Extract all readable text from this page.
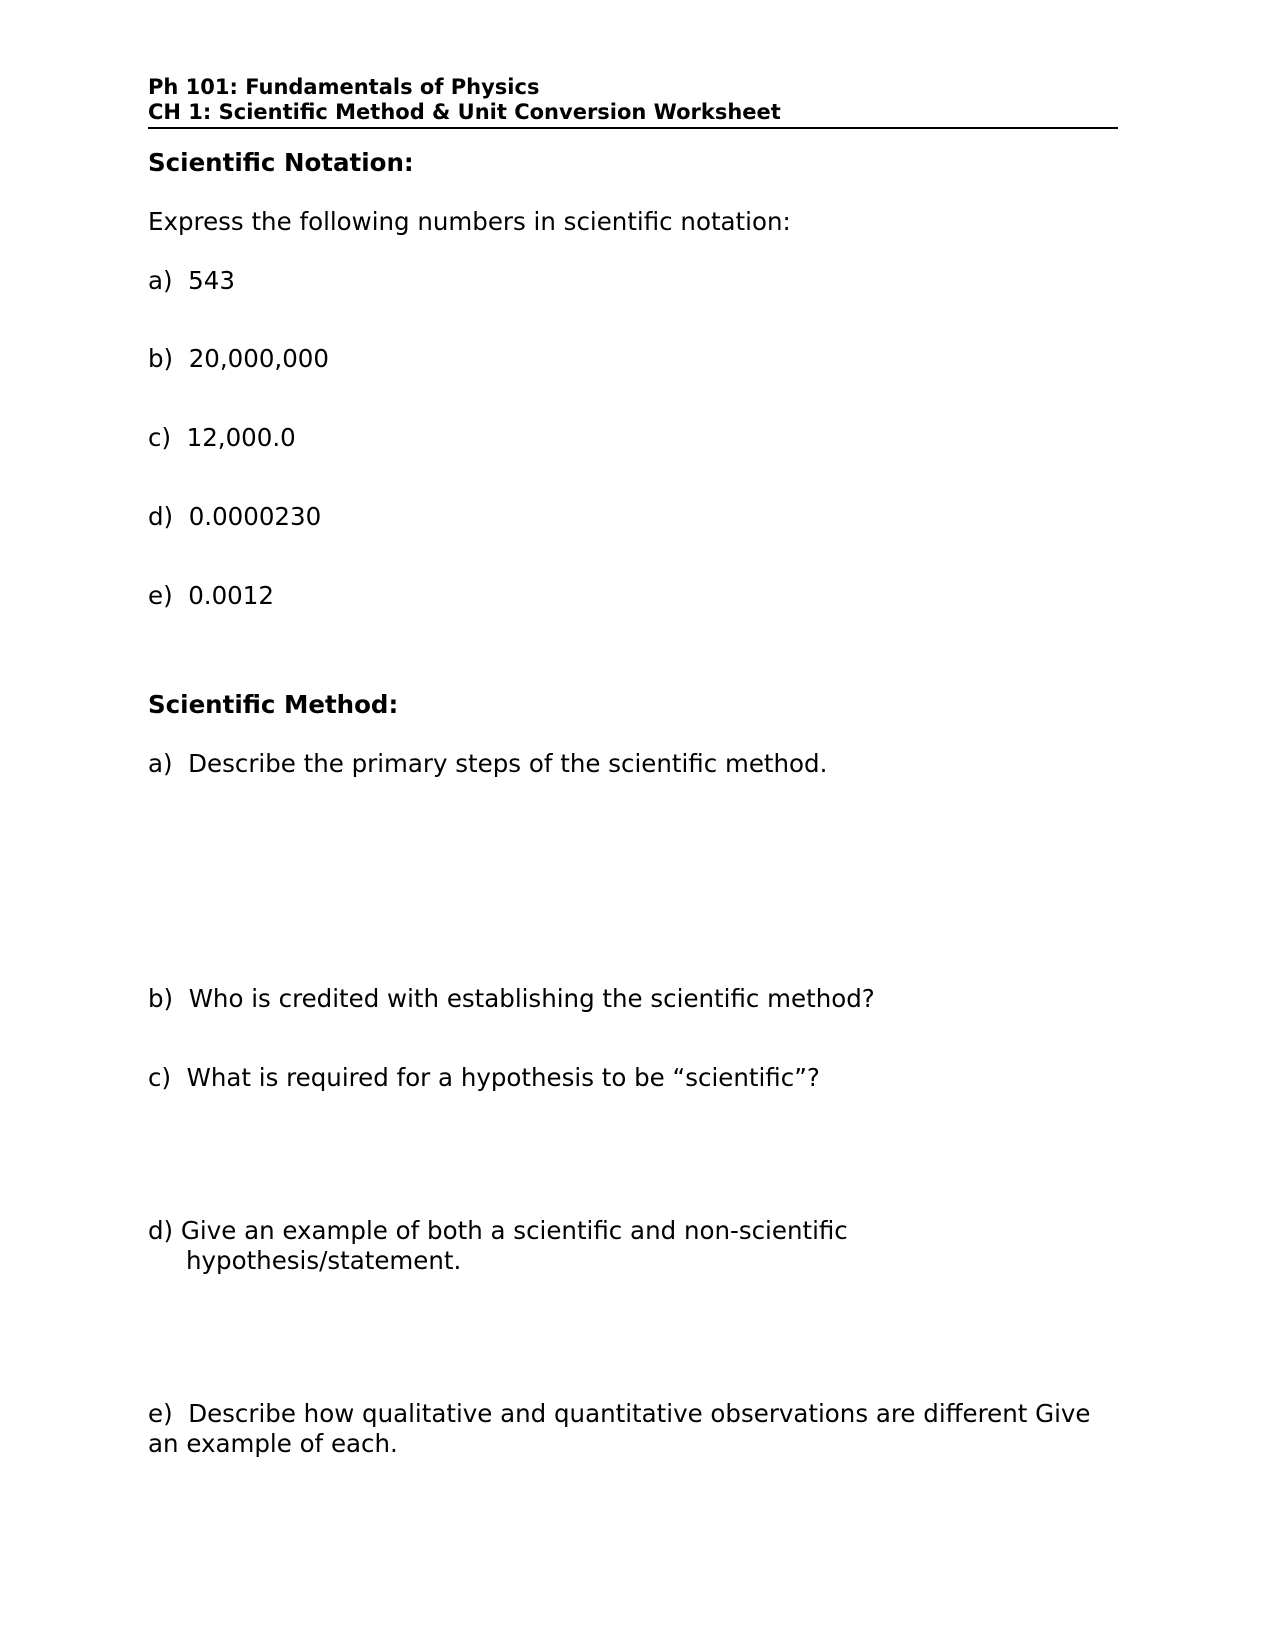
Ph 101: Fundamentals of Physics
CH 1: Scientific Method & Unit Conversion Worksheet
Scientific Notation:
Express the following numbers in scientific notation:
a) 543
b) 20,000,000
c) 12,000.0
d) 0.0000230
e) 0.0012
Scientific Method:
a) Describe the primary steps of the scientific method.
b) Who is credited with establishing the scientific method?
c) What is required for a hypothesis to be “scientific”?
d) Give an example of both a scientific and non-scientific
hypothesis/statement.
e) Describe how qualitative and quantitative observations are different Give
an example of each.
